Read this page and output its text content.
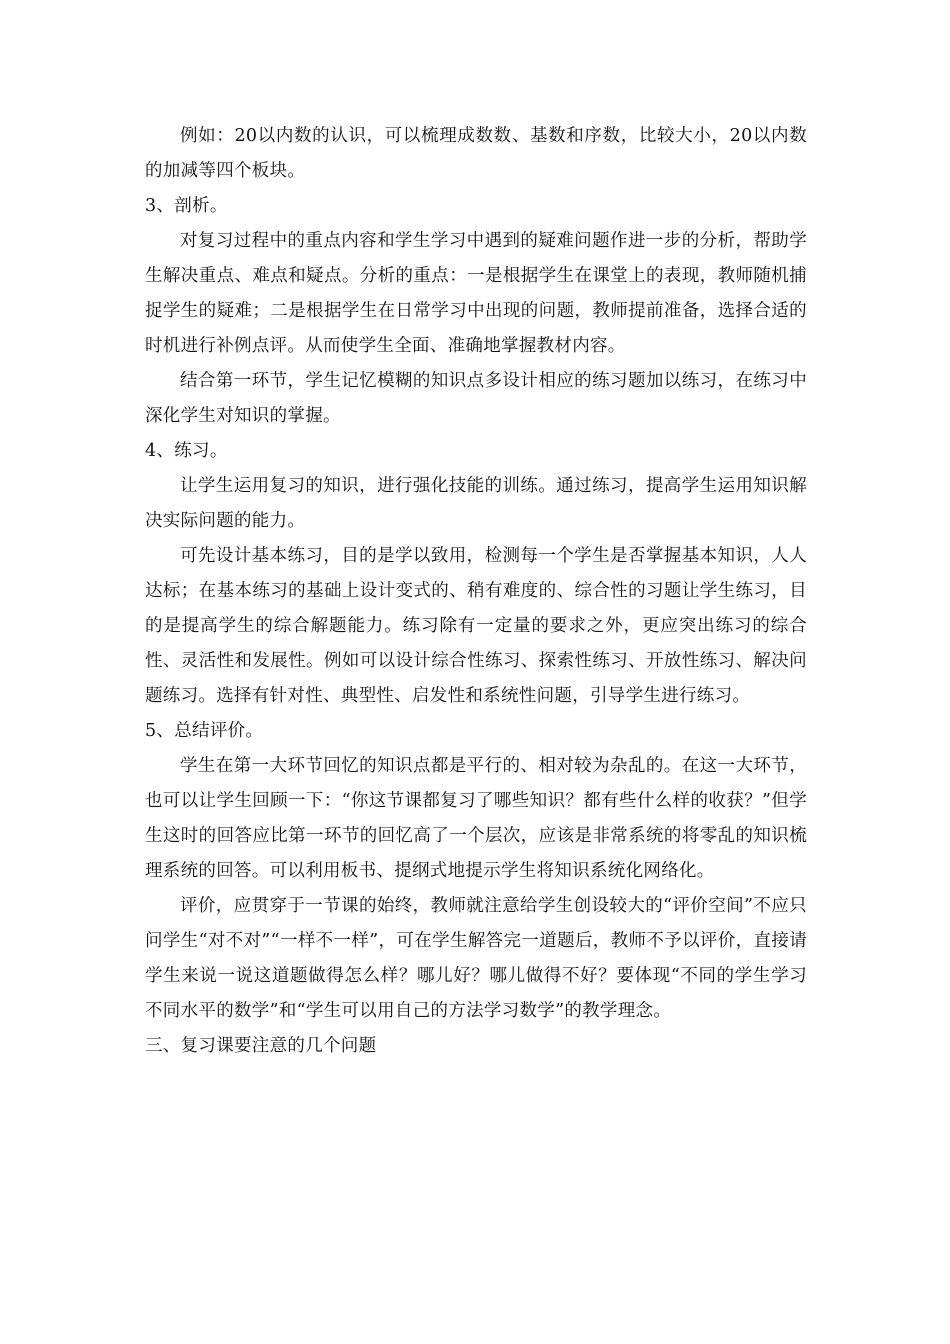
例如：20以内数的认识，可以梳理成数数、基数和序数，比较大小，20以内数的加减等四个板块。

3、剖析。

对复习过程中的重点内容和学生学习中遇到的疑难问题作进一步的分析，帮助学生解决重点、难点和疑点。分析的重点：一是根据学生在课堂上的表现，教师随机捕捉学生的疑难；二是根据学生在日常学习中出现的问题，教师提前准备，选择合适的时机进行补例点评。从而使学生全面、准确地掌握教材内容。

结合第一环节，学生记忆模糊的知识点多设计相应的练习题加以练习，在练习中深化学生对知识的掌握。

4、练习。

让学生运用复习的知识，进行强化技能的训练。通过练习，提高学生运用知识解决实际问题的能力。

可先设计基本练习，目的是学以致用，检测每一个学生是否掌握基本知识，人人达标；在基本练习的基础上设计变式的、稍有难度的、综合性的习题让学生练习，目的是提高学生的综合解题能力。练习除有一定量的要求之外，更应突出练习的综合性、灵活性和发展性。例如可以设计综合性练习、探索性练习、开放性练习、解决问题练习。选择有针对性、典型性、启发性和系统性问题，引导学生进行练习。

5、总结评价。

学生在第一大环节回忆的知识点都是平行的、相对较为杂乱的。在这一大环节，也可以让学生回顾一下：“你这节课都复习了哪些知识？都有些什么样的收获？”但学生这时的回答应比第一环节的回忆高了一个层次，应该是非常系统的将零乱的知识梳理系统的回答。可以利用板书、提纲式地提示学生将知识系统化网络化。

评价，应贯穿于一节课的始终，教师就注意给学生创设较大的“评价空间”不应只问学生“对不对”“一样不一样”，可在学生解答完一道题后，教师不予以评价，直接请学生来说一说这道题做得怎么样？哪儿好？哪儿做得不好？要体现“不同的学生学习不同水平的数学”和“学生可以用自己的方法学习数学”的教学理念。

三、复习课要注意的几个问题
